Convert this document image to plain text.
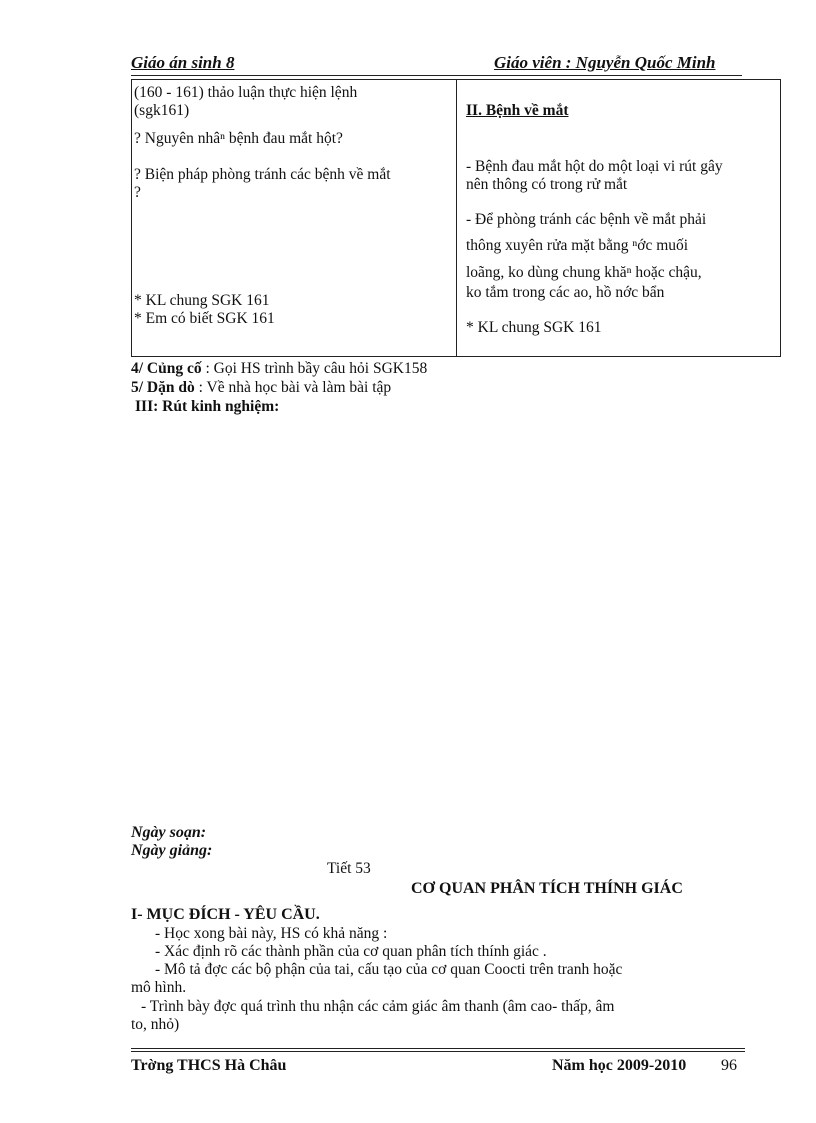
Giáo án sinh 8	Giáo viên : Nguyễn Quốc Minh
(160 - 161) thảo luận thực hiện lệnh
(sgk161)
? Nguyên nhâⁿ bệnh đau mắt hột?
? Biện pháp phòng tránh các bệnh về mắt
?
* KL chung SGK 161
* Em có biết SGK 161
II. Bệnh về mắt
- Bệnh đau mắt hột do một loại vi rút gây
nên thông có trong rử mắt
- Để phòng tránh các bệnh về mắt phải
thông xuyên rửa mặt bằng ⁿớc muối
loãng, ko dùng chung khăⁿ hoặc chậu,
ko tắm trong các ao, hồ nớc bẩn
* KL chung SGK 161
4/ Củng cố : Gọi HS trình bầy câu hỏi SGK158
5/ Dặn dò : Về nhà học bài và làm bài tập
III: Rút kinh nghiệm:
Ngày soạn:
Ngày giảng:
Tiết 53
CƠ QUAN PHÂN TÍCH THÍNH GIÁC
I- MỤC ĐÍCH - YÊU CẦU.
- Học xong bài này, HS có khả năng :
- Xác định rõ các thành phần của cơ quan phân tích thính giác .
- Mô tả đợc các bộ phận của tai, cấu tạo của cơ quan Coocti trên tranh hoặc
mô hình.
- Trình bày đợc quá trình thu nhận các cảm giác âm thanh (âm cao- thấp, âm
to, nhỏ)
Trờng THCS Hà Châu	Năm học 2009-2010 96
